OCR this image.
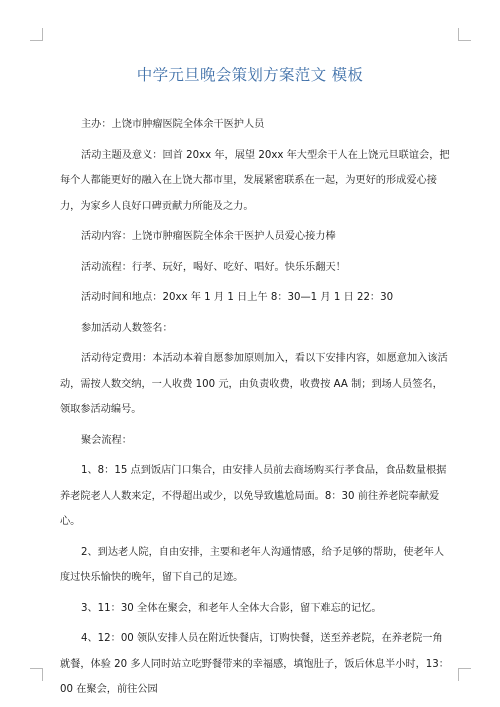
中学元旦晚会策划方案范文 模板

主办：上饶市肿瘤医院全体余干医护人员

活动主题及意义：回首 20xx 年，展望 20xx 年大型余干人在上饶元旦联谊会，把每个人都能更好的融入在上饶大都市里，发展紧密联系在一起，为更好的形成爱心接力，为家乡人良好口碑贡献力所能及之力。

活动内容：上饶市肿瘤医院全体余干医护人员爱心接力棒

活动流程：行孝、玩好，喝好、吃好、唱好。快乐乐翻天！

活动时间和地点：20xx 年 1 月 1 日上午 8：30—1 月 1 日 22：30

参加活动人数签名：

活动待定费用：本活动本着自愿参加原则加入，看以下安排内容，如愿意加入该活动，需按人数交纳，一人收费 100 元，由负责收费，收费按 AA 制；到场人员签名，领取参活动编号。

聚会流程：

1、8：15 点到饭店门口集合，由安排人员前去商场购买行孝食品，食品数量根据养老院老人人数来定，不得超出或少，以免导致尴尬局面。8：30 前往养老院奉献爱心。

2、到达老人院，自由安排，主要和老年人沟通情感，给予足够的帮助，使老年人度过快乐愉快的晚年，留下自己的足迹。

3、11：30 全体在聚会，和老年人全体大合影，留下难忘的记忆。

4、12：00 领队安排人员在附近快餐店，订购快餐，送至养老院，在养老院一角就餐，体验 20 多人同时站立吃野餐带来的幸福感，填饱肚子，饭后休息半小时，13：00 在聚会，前往公园
